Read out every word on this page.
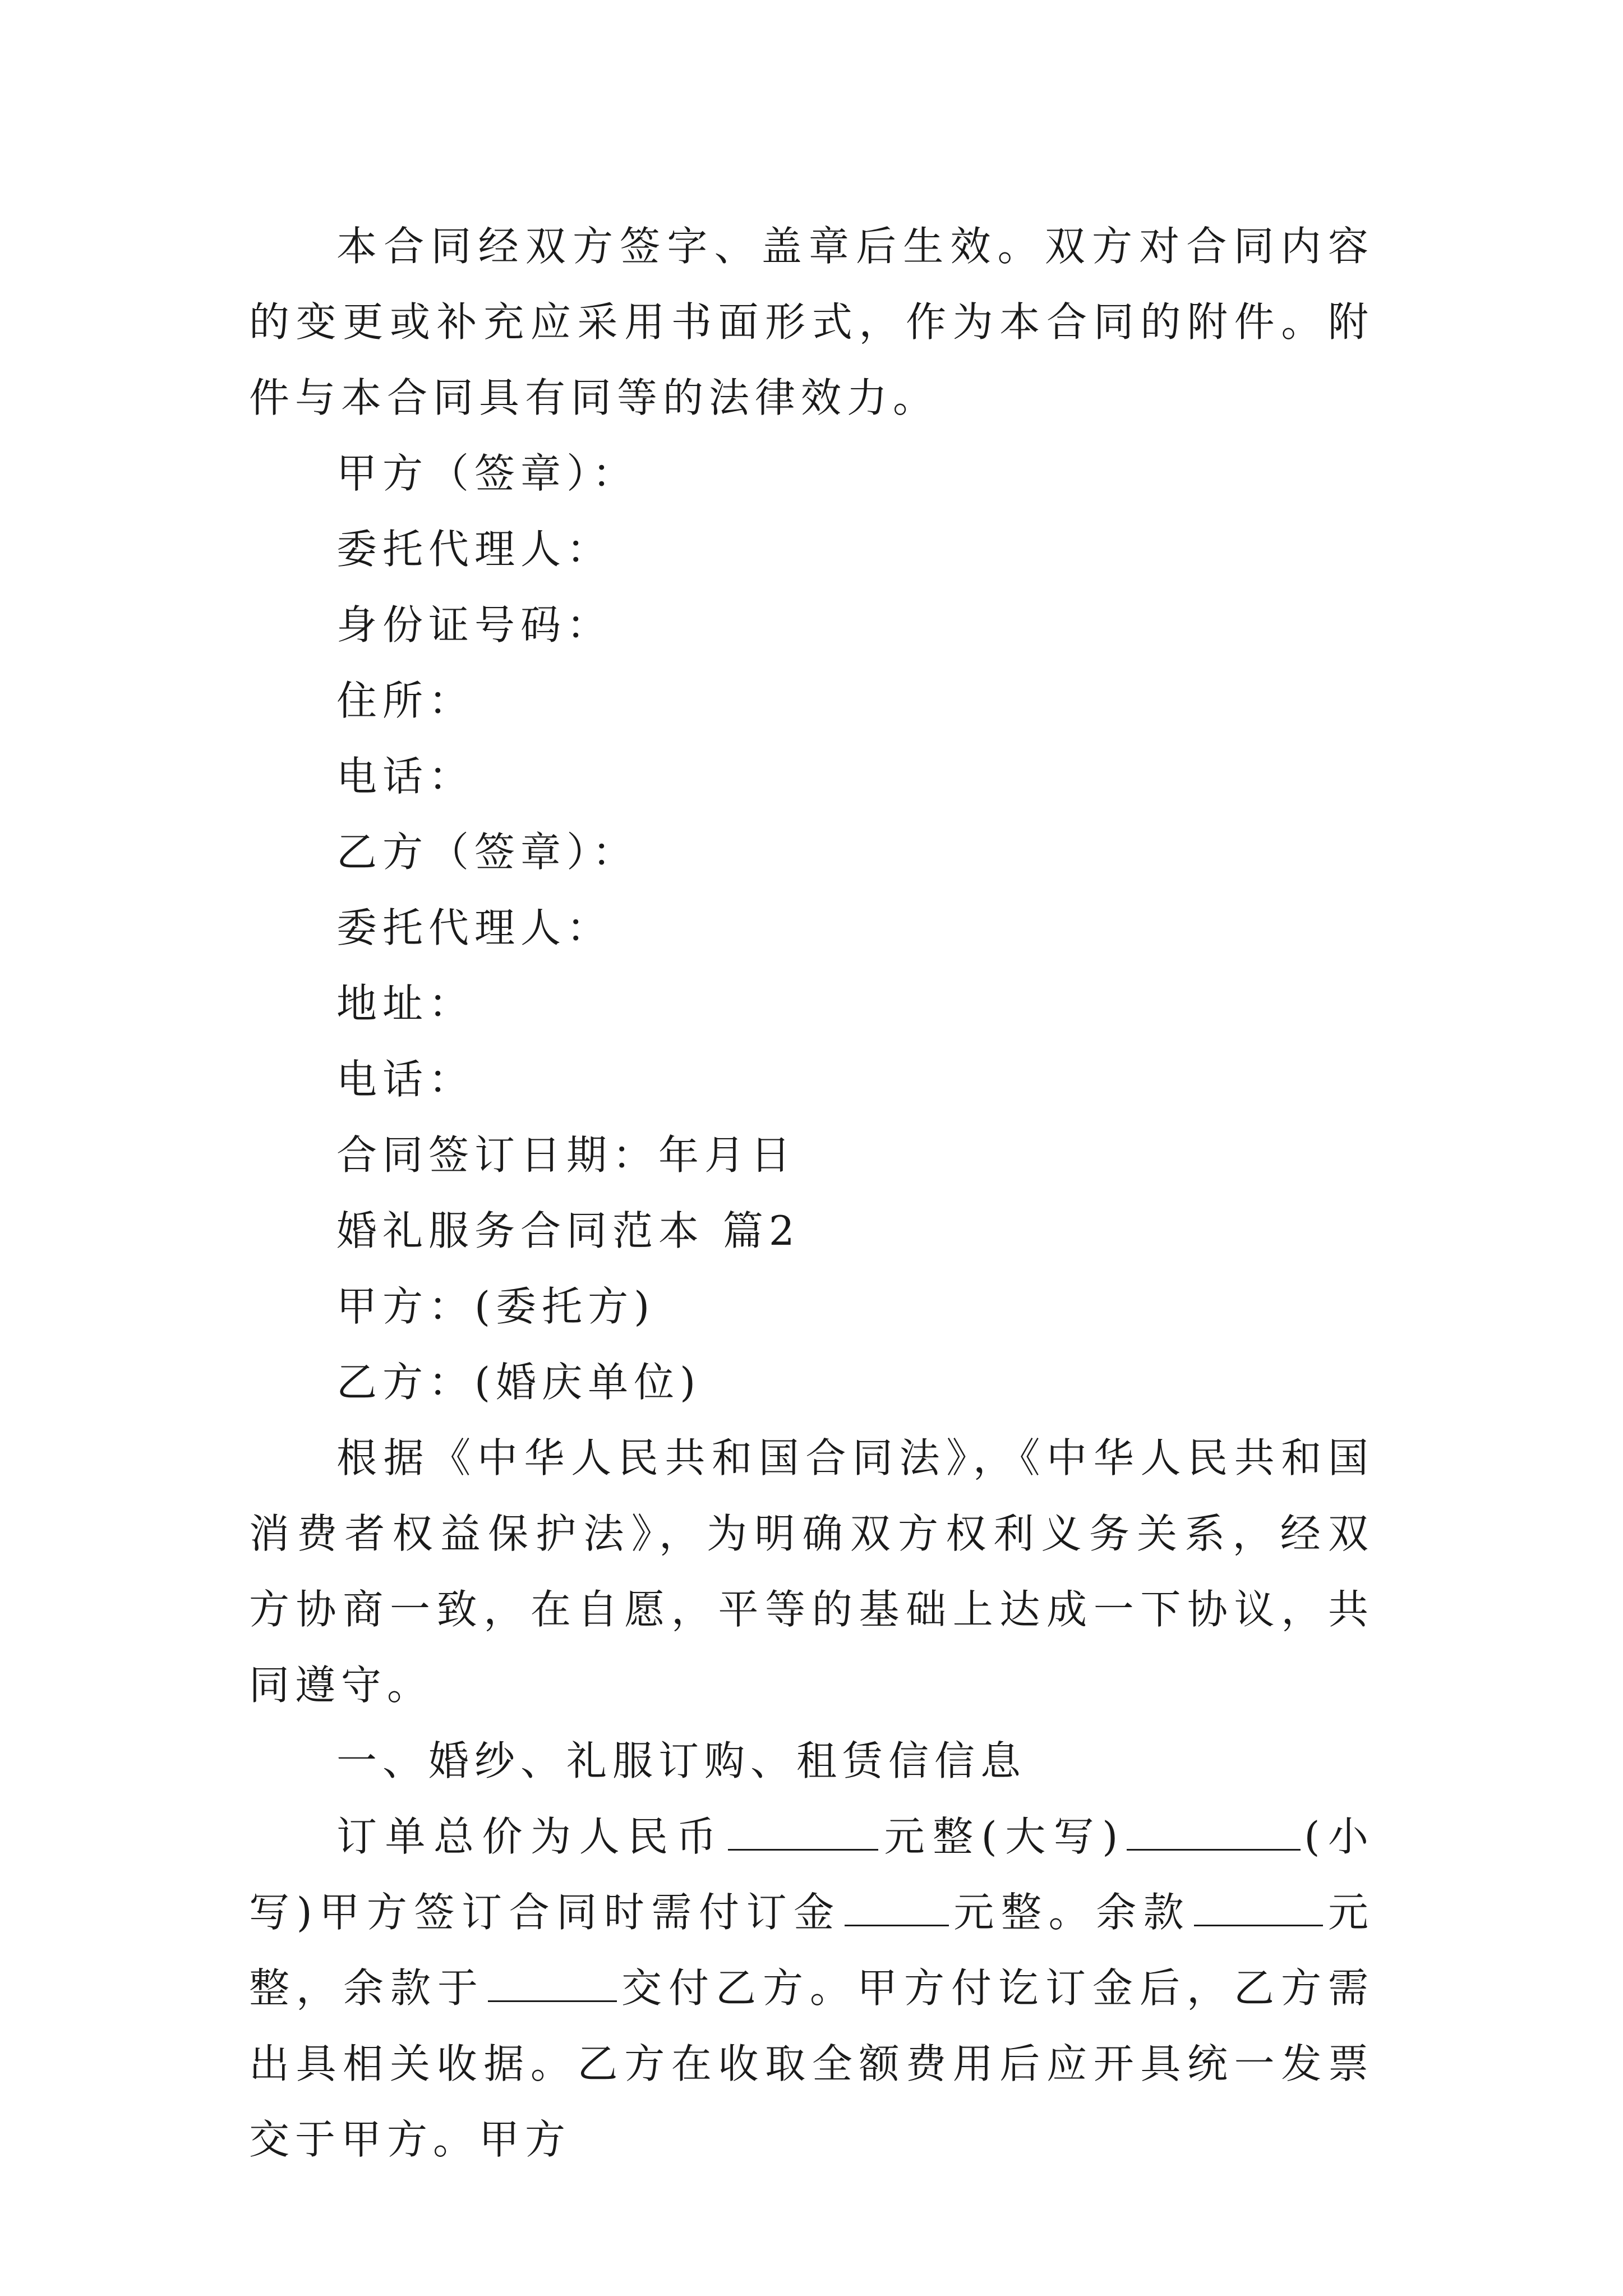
本合同经双方签字、盖章后生效。双方对合同内容的变更或补充应采用书面形式，作为本合同的附件。附件与本合同具有同等的法律效力。

甲方（签章）：

委托代理人：

身份证号码：

住所：

电话：

乙方（签章）：

委托代理人：

地址：

电话：

合同签订日期：年月日

婚礼服务合同范本 篇2

甲方：(委托方)

乙方：(婚庆单位)

根据《中华人民共和国合同法》，《中华人民共和国消费者权益保护法》，为明确双方权利义务关系，经双方协商一致，在自愿，平等的基础上达成一下协议，共同遵守。

一、婚纱、礼服订购、租赁信信息

订单总价为人民币	元整(大写)	(小写)甲方签订合同时需付订金	元整。余款	元整，余款于	交付乙方。甲方付讫订金后，乙方需出具相关收据。乙方在收取全额费用后应开具统一发票交于甲方。甲方
